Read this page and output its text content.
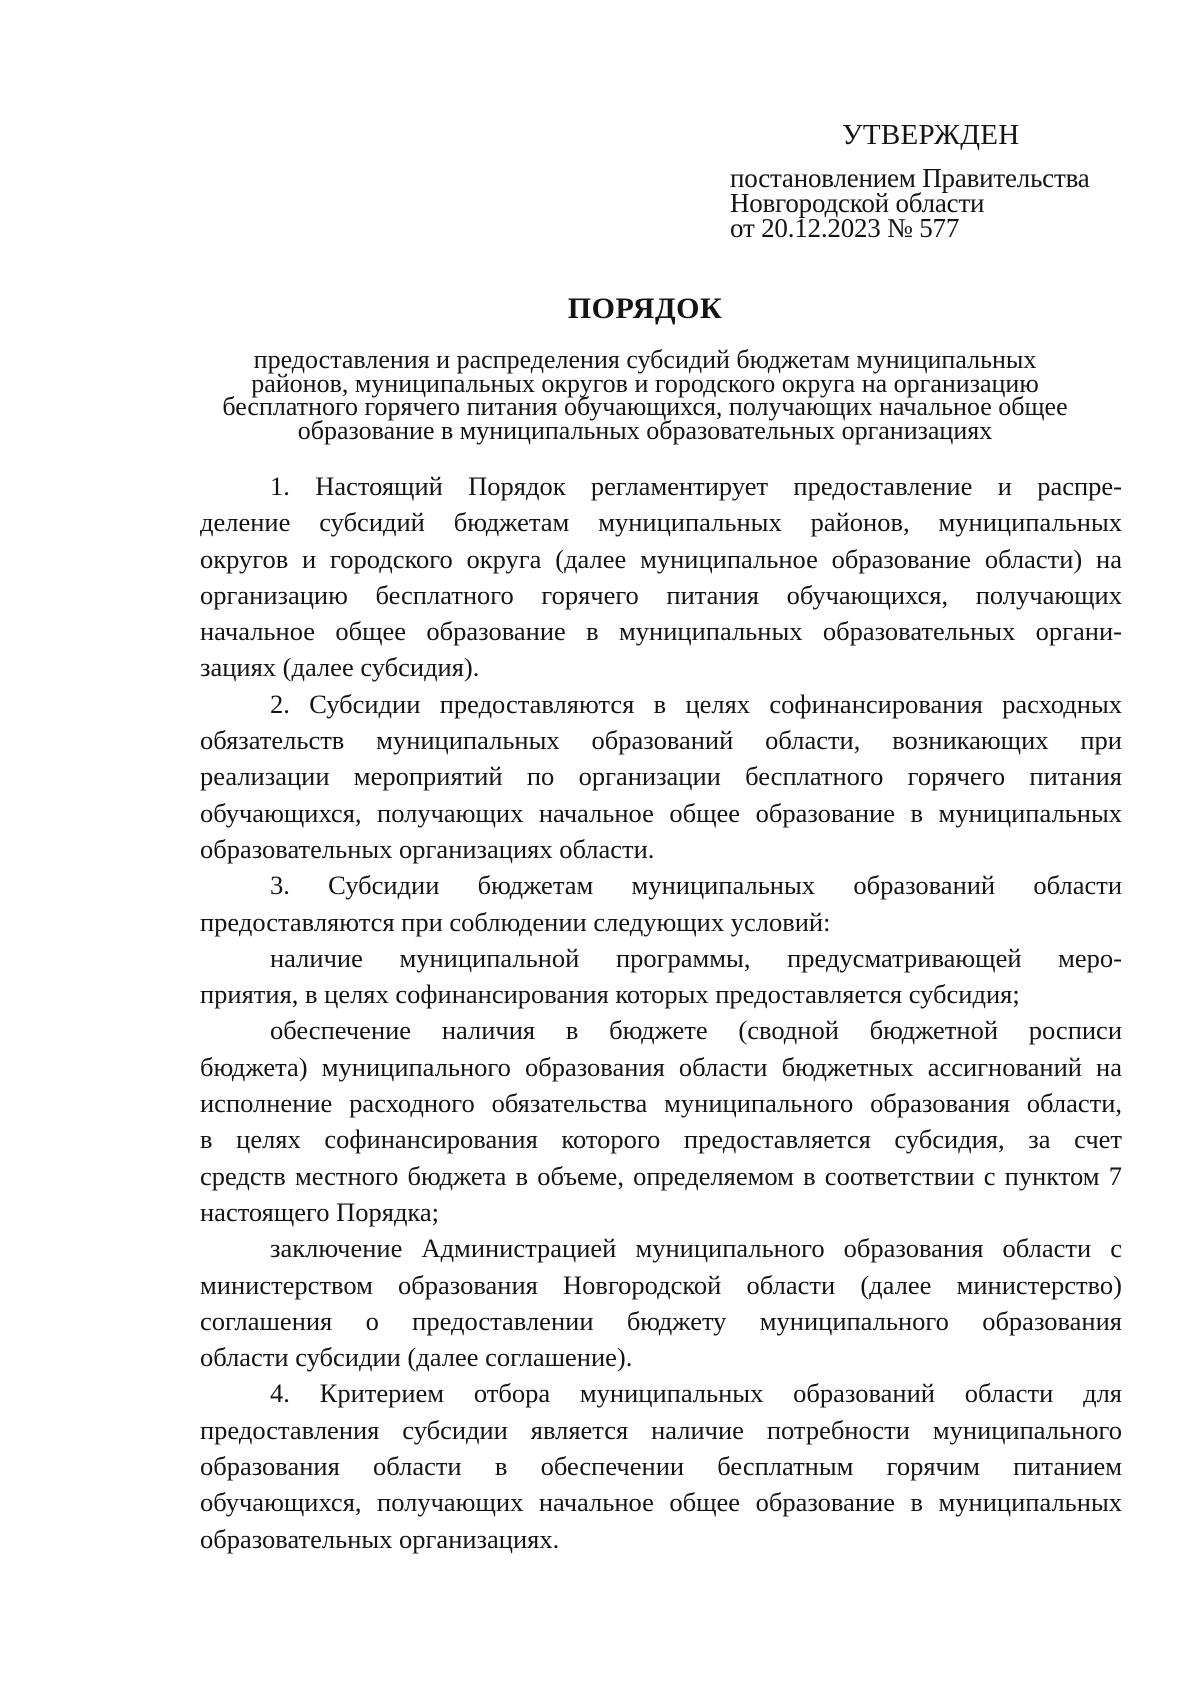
УТВЕРЖДЕН
постановлением Правительства
Новгородской области
от 20.12.2023 № 577
ПОРЯДОК
предоставления и распределения субсидий бюджетам муниципальных
районов, муниципальных округов и городского округа на организацию
бесплатного горячего питания обучающихся, получающих начальное общее
образование в муниципальных образовательных организациях
1. Настоящий Порядок регламентирует предоставление и распре-
деление субсидий бюджетам муниципальных районов, муниципальных
округов и городского округа (далее муниципальное образование области) на
организацию бесплатного горячего питания обучающихся, получающих
начальное общее образование в муниципальных образовательных органи-
зациях (далее субсидия).
2. Субсидии предоставляются в целях софинансирования расходных
обязательств муниципальных образований области, возникающих при
реализации мероприятий по организации бесплатного горячего питания
обучающихся, получающих начальное общее образование в муниципальных
образовательных организациях области.
3. Субсидии бюджетам муниципальных образований области
предоставляются при соблюдении следующих условий:
наличие муниципальной программы, предусматривающей меро-
приятия, в целях софинансирования которых предоставляется субсидия;
обеспечение наличия в бюджете (сводной бюджетной росписи
бюджета) муниципального образования области бюджетных ассигнований на
исполнение расходного обязательства муниципального образования области,
в целях софинансирования которого предоставляется субсидия, за счет
средств местного бюджета в объеме, определяемом в соответствии с пунктом 7
настоящего Порядка;
заключение Администрацией муниципального образования области с
министерством образования Новгородской области (далее министерство)
соглашения о предоставлении бюджету муниципального образования
области субсидии (далее соглашение).
4. Критерием отбора муниципальных образований области для
предоставления субсидии является наличие потребности муниципального
образования области в обеспечении бесплатным горячим питанием
обучающихся, получающих начальное общее образование в муниципальных
образовательных организациях.
